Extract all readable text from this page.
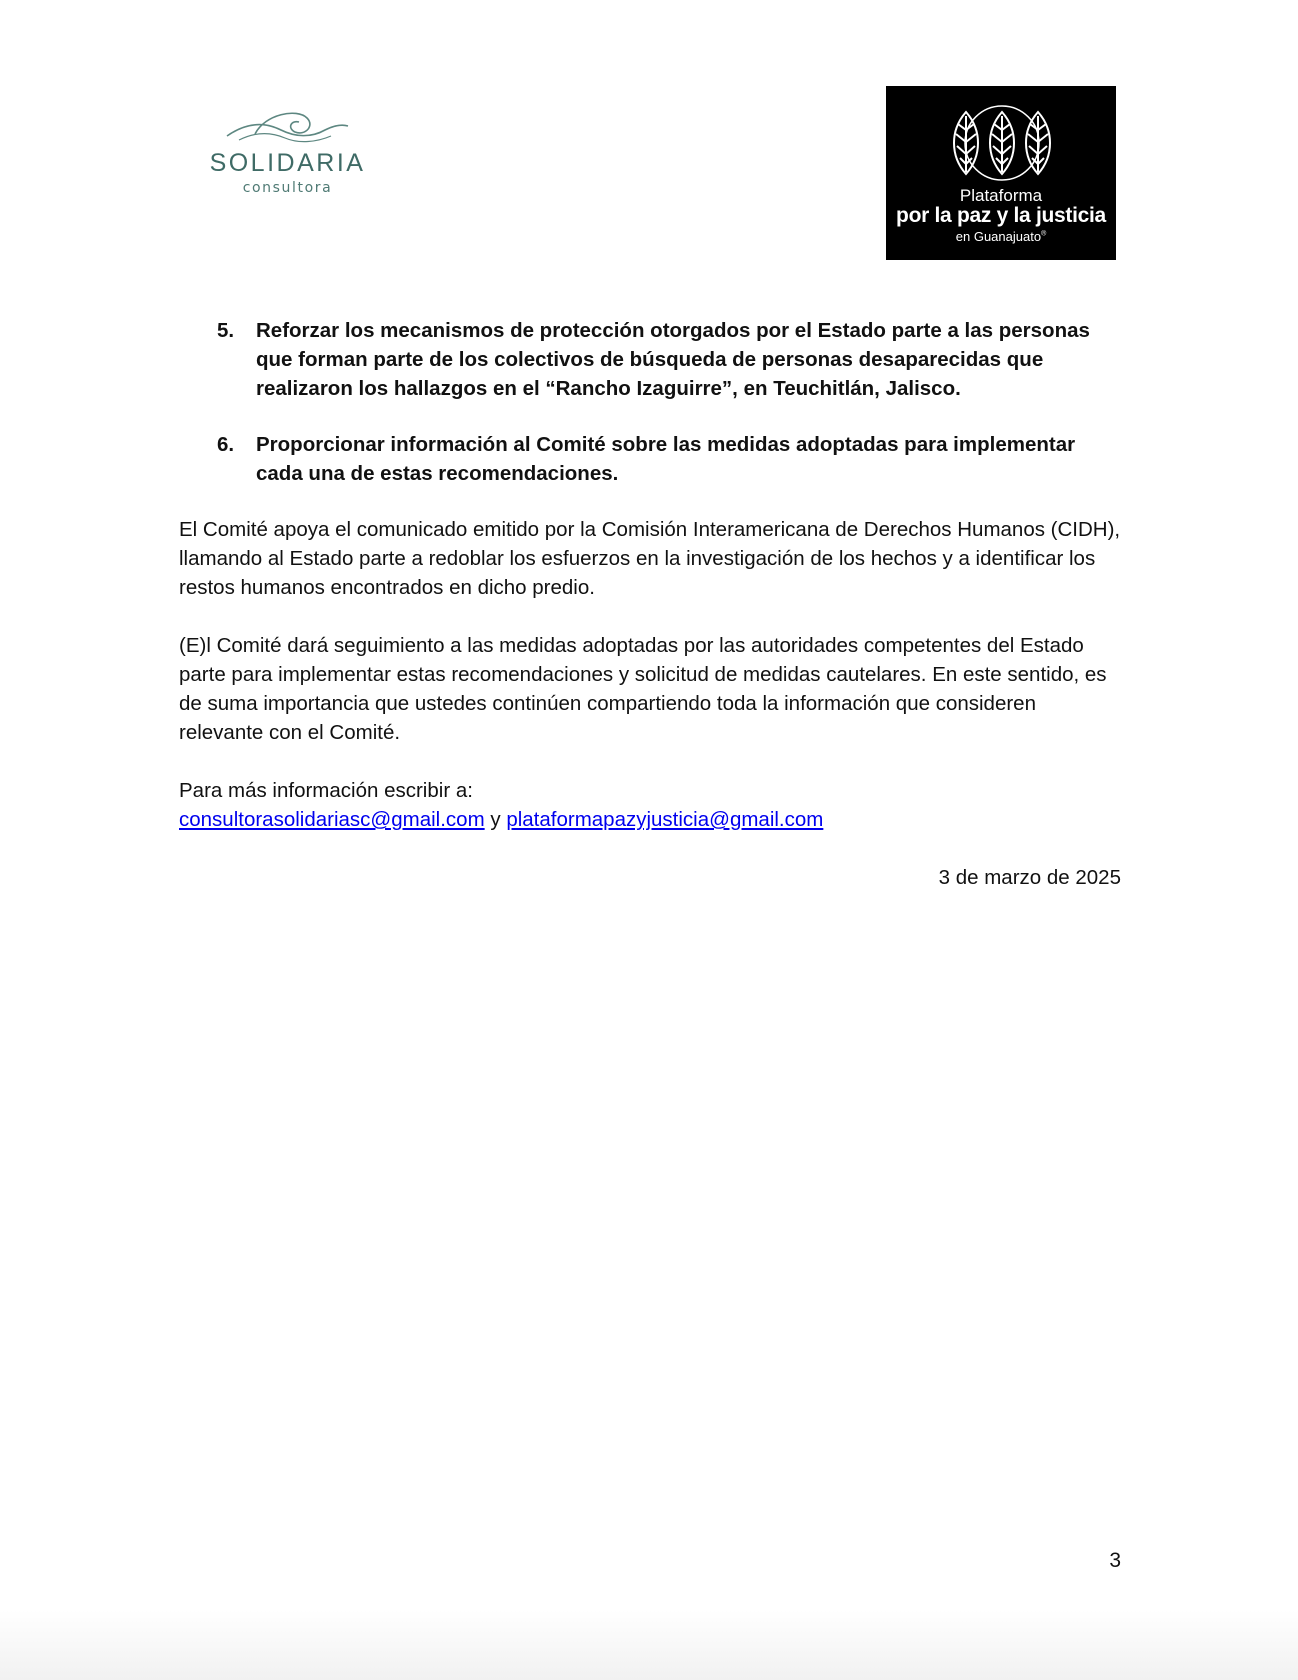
SOLIDARIA
consultora	Plataforma
por la paz y la justicia
en Guanajuato®
5. Reforzar los mecanismos de protección otorgados por el Estado parte a las personas que forman parte de los colectivos de búsqueda de personas desaparecidas que realizaron los hallazgos en el “Rancho Izaguirre”, en Teuchitlán, Jalisco.
6. Proporcionar información al Comité sobre las medidas adoptadas para implementar cada una de estas recomendaciones.

El Comité apoya el comunicado emitido por la Comisión Interamericana de Derechos Humanos (CIDH), llamando al Estado parte a redoblar los esfuerzos en la investigación de los hechos y a identificar los restos humanos encontrados en dicho predio.

(E)l Comité dará seguimiento a las medidas adoptadas por las autoridades competentes del Estado parte para implementar estas recomendaciones y solicitud de medidas cautelares. En este sentido, es de suma importancia que ustedes continúen compartiendo toda la información que consideren relevante con el Comité.

Para más información escribir a:
consultorasolidariasc@gmail.com y plataformapazyjusticia@gmail.com
3 de marzo de 2025
3
